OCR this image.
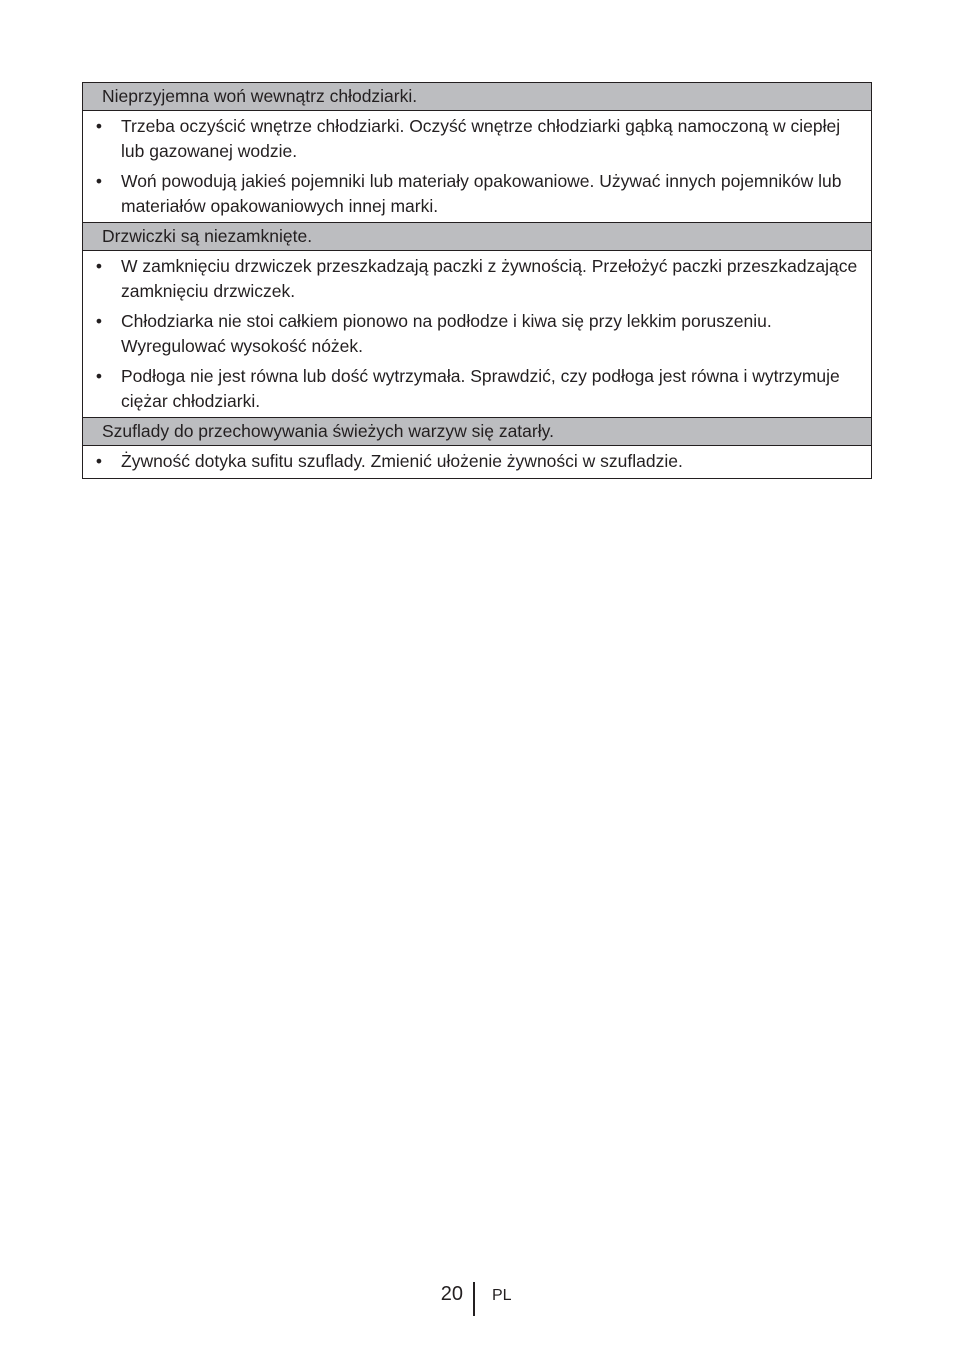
Nieprzyjemna woń wewnątrz chłodziarki.
• Trzeba oczyścić wnętrze chłodziarki. Oczyść wnętrze chłodziarki gąbką namoczoną w ciepłej lub gazowanej wodzie.
• Woń powodują jakieś pojemniki lub materiały opakowaniowe. Używać innych pojemników lub materiałów opakowaniowych innej marki.
Drzwiczki są niezamknięte.
• W zamknięciu drzwiczek przeszkadzają paczki z żywnością. Przełożyć paczki przeszkadzające zamknięciu drzwiczek.
• Chłodziarka nie stoi całkiem pionowo na podłodze i kiwa się przy lekkim poruszeniu. Wyregulować wysokość nóżek.
• Podłoga nie jest równa lub dość wytrzymała. Sprawdzić, czy podłoga jest równa i wytrzymuje ciężar chłodziarki.
Szuflady do przechowywania świeżych warzyw się zatarły.
• Żywność dotyka sufitu szuflady. Zmienić ułożenie żywności w szufladzie.
20 PL
